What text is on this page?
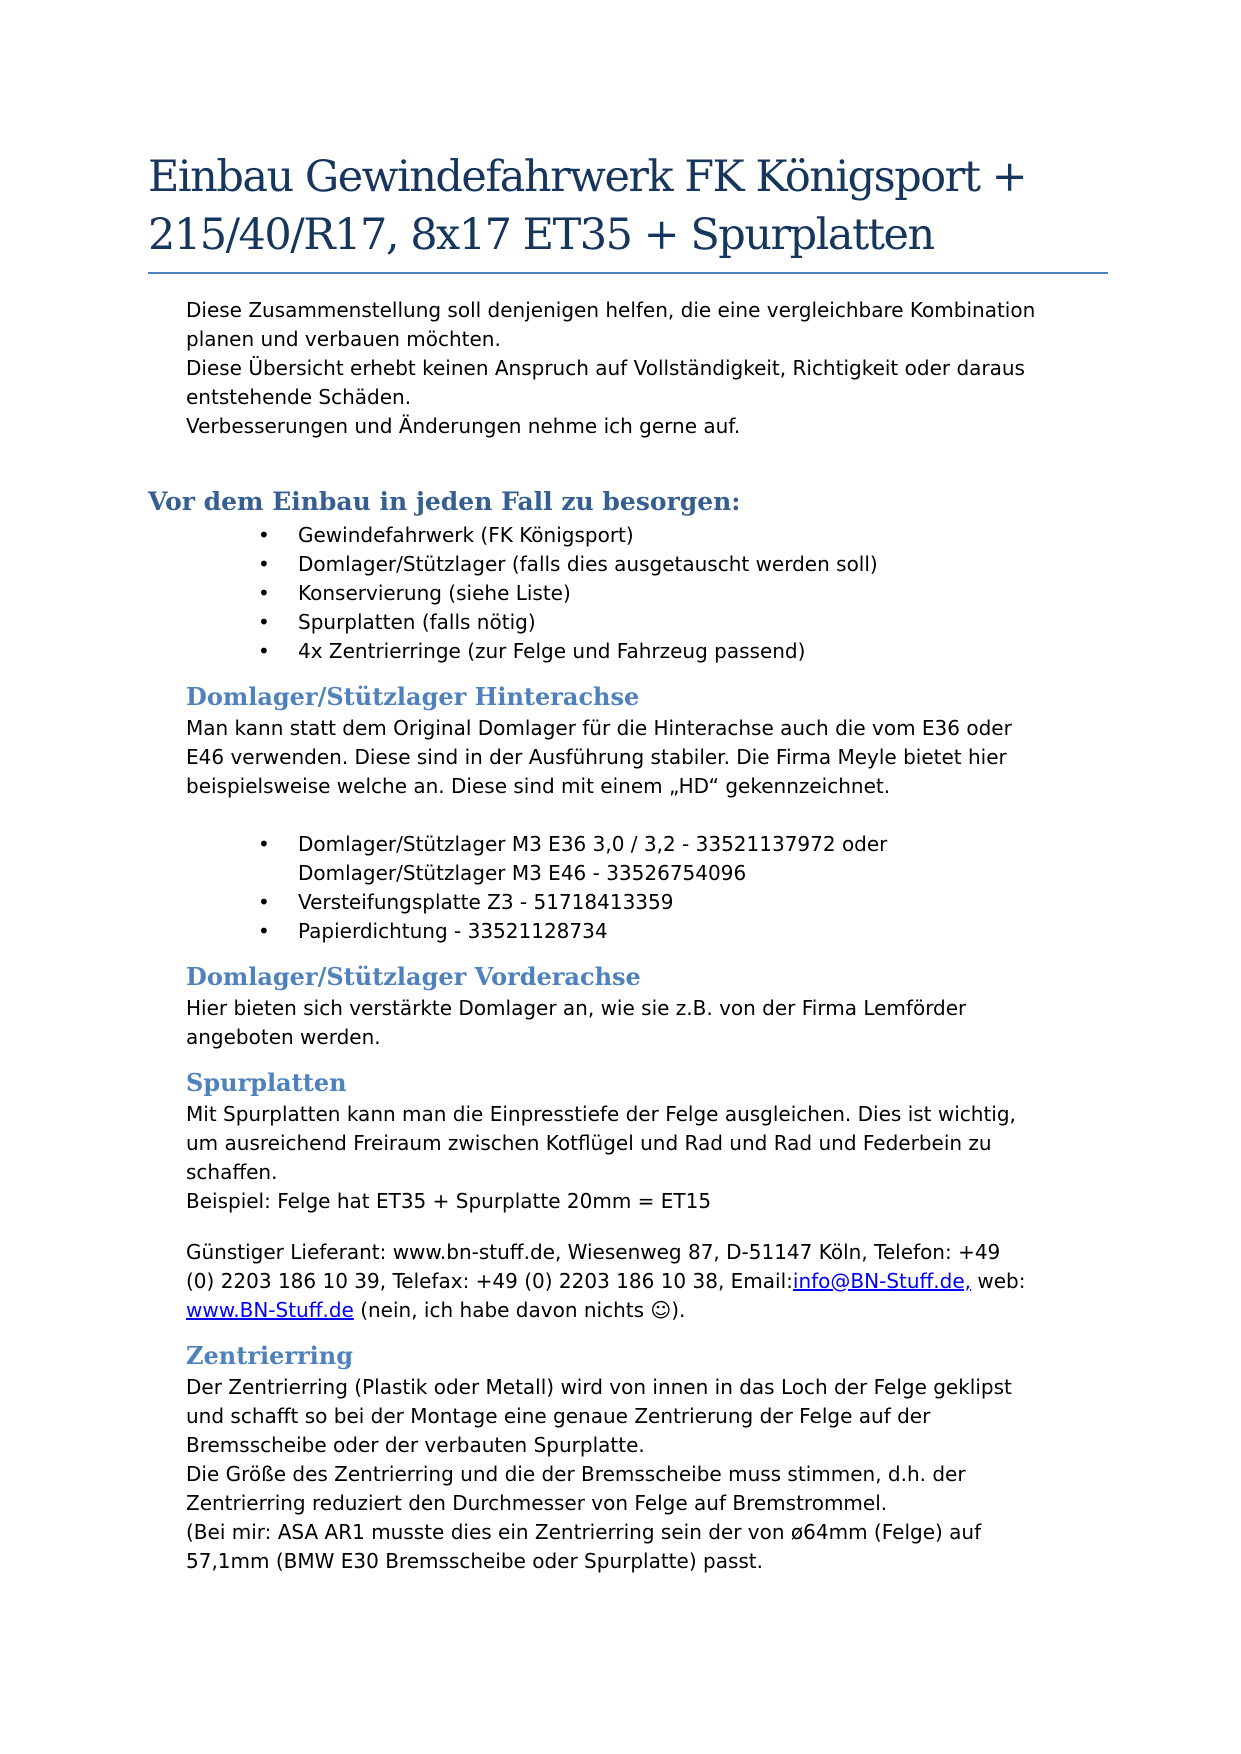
Einbau Gewindefahrwerk FK Königsport +
215/40/R17, 8x17 ET35 + Spurplatten
Diese Zusammenstellung soll denjenigen helfen, die eine vergleichbare Kombination
planen und verbauen möchten.
Diese Übersicht erhebt keinen Anspruch auf Vollständigkeit, Richtigkeit oder daraus
entstehende Schäden.
Verbesserungen und Änderungen nehme ich gerne auf.
Vor dem Einbau in jeden Fall zu besorgen:
• Gewindefahrwerk (FK Königsport)
• Domlager/Stützlager (falls dies ausgetauscht werden soll)
• Konservierung (siehe Liste)
• Spurplatten (falls nötig)
• 4x Zentrierringe (zur Felge und Fahrzeug passend)
Domlager/Stützlager Hinterachse
Man kann statt dem Original Domlager für die Hinterachse auch die vom E36 oder
E46 verwenden. Diese sind in der Ausführung stabiler. Die Firma Meyle bietet hier
beispielsweise welche an. Diese sind mit einem „HD“ gekennzeichnet.
• Domlager/Stützlager M3 E36 3,0 / 3,2 - 33521137972 oder
Domlager/Stützlager M3 E46 - 33526754096
• Versteifungsplatte Z3 - 51718413359
• Papierdichtung - 33521128734
Domlager/Stützlager Vorderachse
Hier bieten sich verstärkte Domlager an, wie sie z.B. von der Firma Lemförder
angeboten werden.
Spurplatten
Mit Spurplatten kann man die Einpresstiefe der Felge ausgleichen. Dies ist wichtig,
um ausreichend Freiraum zwischen Kotflügel und Rad und Rad und Federbein zu
schaffen.
Beispiel: Felge hat ET35 + Spurplatte 20mm = ET15
Günstiger Lieferant: www.bn-stuff.de, Wiesenweg 87, D-51147 Köln, Telefon: +49
(0) 2203 186 10 39, Telefax: +49 (0) 2203 186 10 38, Email:info@BN-Stuff.de, web:
www.BN-Stuff.de (nein, ich habe davon nichts ☺).
Zentrierring
Der Zentrierring (Plastik oder Metall) wird von innen in das Loch der Felge geklipst
und schafft so bei der Montage eine genaue Zentrierung der Felge auf der
Bremsscheibe oder der verbauten Spurplatte.
Die Größe des Zentrierring und die der Bremsscheibe muss stimmen, d.h. der
Zentrierring reduziert den Durchmesser von Felge auf Bremstrommel.
(Bei mir: ASA AR1 musste dies ein Zentrierring sein der von ø64mm (Felge) auf
57,1mm (BMW E30 Bremsscheibe oder Spurplatte) passt.
